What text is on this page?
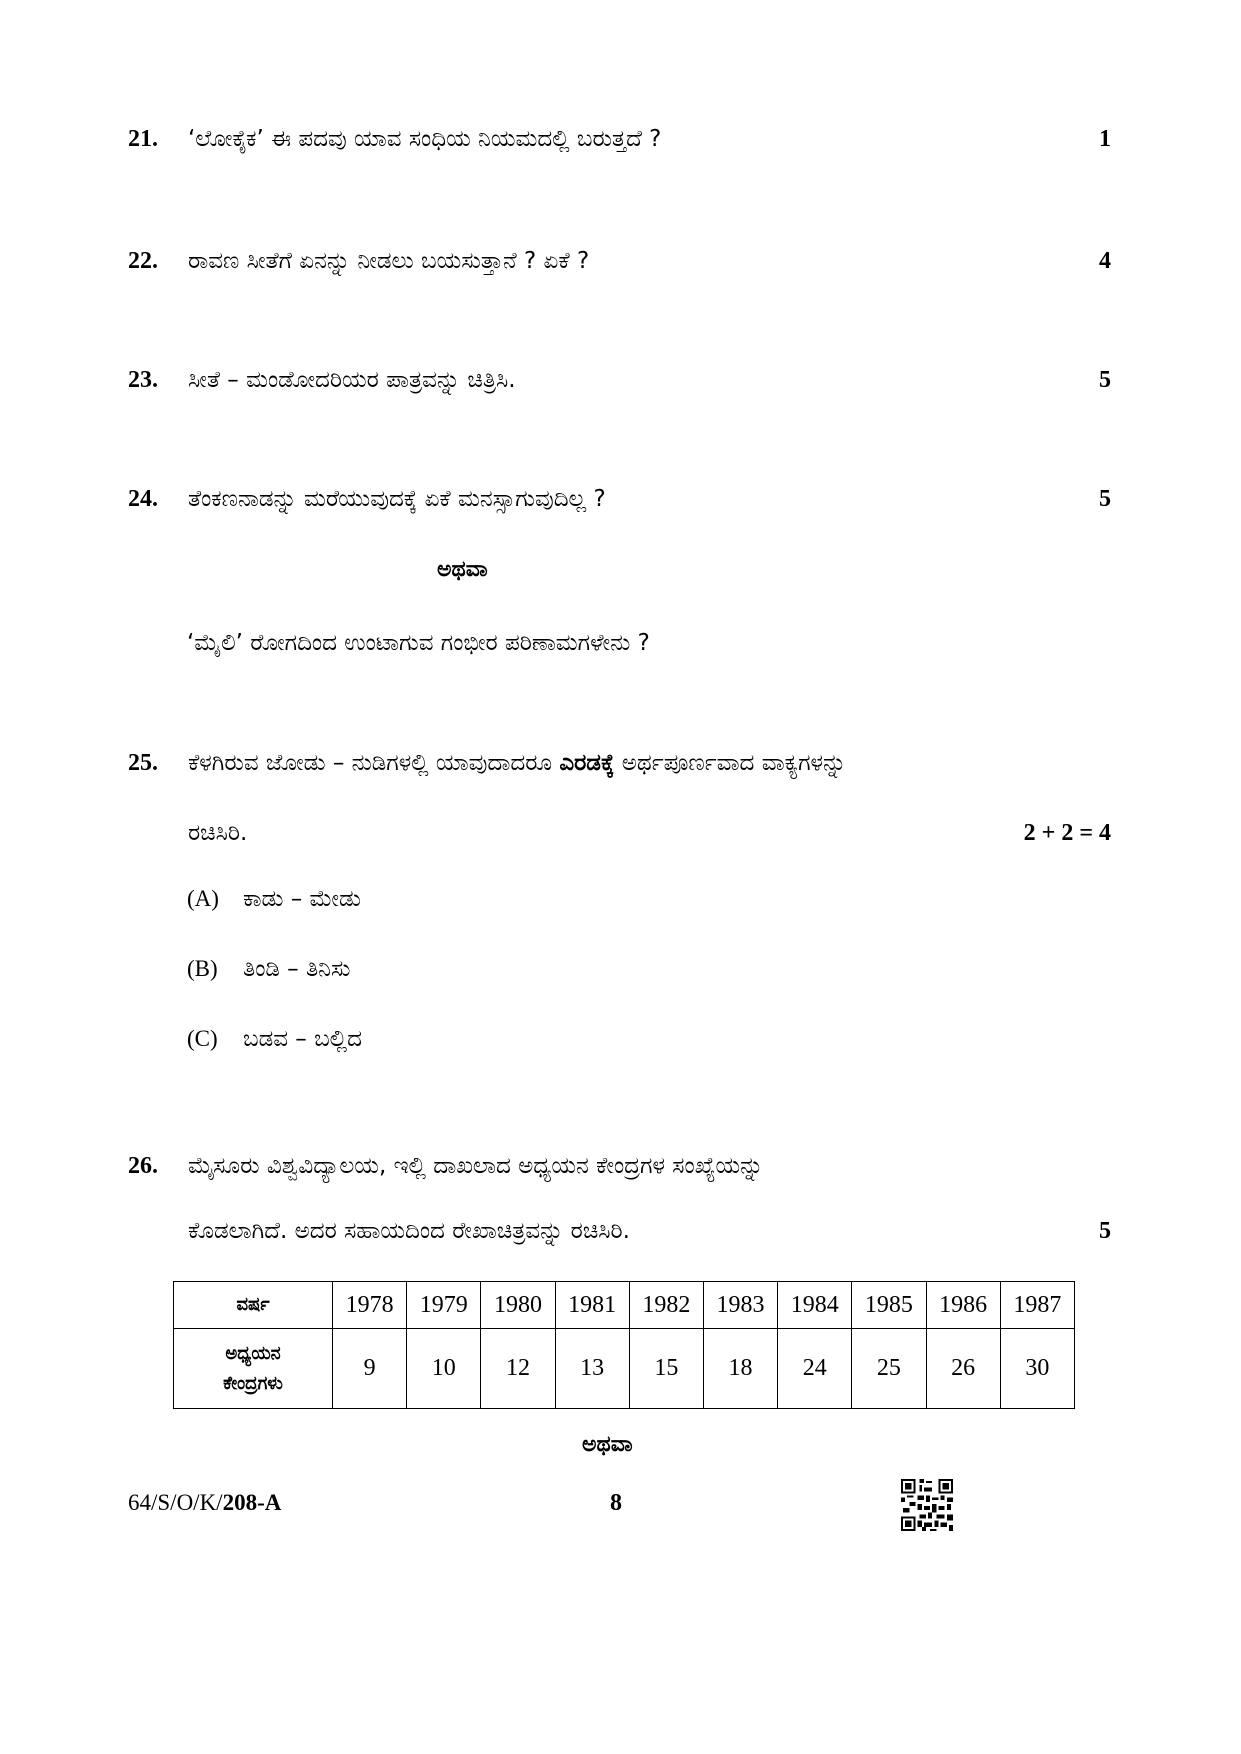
21. ‘ಲೋಕೈಕ’ ಈ ಪದವು ಯಾವ ಸಂಧಿಯ ನಿಯಮದಲ್ಲಿ ಬರುತ್ತದೆ ?	1
22. ರಾವಣ ಸೀತೆಗೆ ಏನನ್ನು ನೀಡಲು ಬಯಸುತ್ತಾನೆ ? ಏಕೆ ?	4
23. ಸೀತೆ – ಮಂಡೋದರಿಯರ ಪಾತ್ರವನ್ನು ಚಿತ್ರಿಸಿ.	5
24. ತೆಂಕಣನಾಡನ್ನು ಮರೆಯುವುದಕ್ಕೆ ಏಕೆ ಮನಸ್ಸಾಗುವುದಿಲ್ಲ ?	5
ಅಥವಾ
‘ಮೈಲಿ’ ರೋಗದಿಂದ ಉಂಟಾಗುವ ಗಂಭೀರ ಪರಿಣಾಮಗಳೇನು ?
25. ಕೆಳಗಿರುವ ಜೋಡು – ನುಡಿಗಳಲ್ಲಿ ಯಾವುದಾದರೂ ಎರಡಕ್ಕೆ ಅರ್ಥಪೂರ್ಣವಾದ ವಾಕ್ಯಗಳನ್ನು
ರಚಿಸಿರಿ.	2 + 2 = 4
(A) ಕಾಡು – ಮೇಡು
(B) ತಿಂಡಿ – ತಿನಿಸು
(C) ಬಡವ – ಬಲ್ಲಿದ
26. ಮೈಸೂರು ವಿಶ್ವವಿದ್ಯಾಲಯ, ಇಲ್ಲಿ ದಾಖಲಾದ ಅಧ್ಯಯನ ಕೇಂದ್ರಗಳ ಸಂಖ್ಯೆಯನ್ನು
ಕೊಡಲಾಗಿದೆ. ಅದರ ಸಹಾಯದಿಂದ ರೇಖಾಚಿತ್ರವನ್ನು ರಚಿಸಿರಿ.	5
ವರ್ಷ	1978	1979	1980	1981	1982	1983	1984	1985	1986	1987
ಅಧ್ಯಯನ
ಕೇಂದ್ರಗಳು	9	10	12	13	15	18	24	25	26	30
ಅಥವಾ
64/S/O/K/208-A	8
